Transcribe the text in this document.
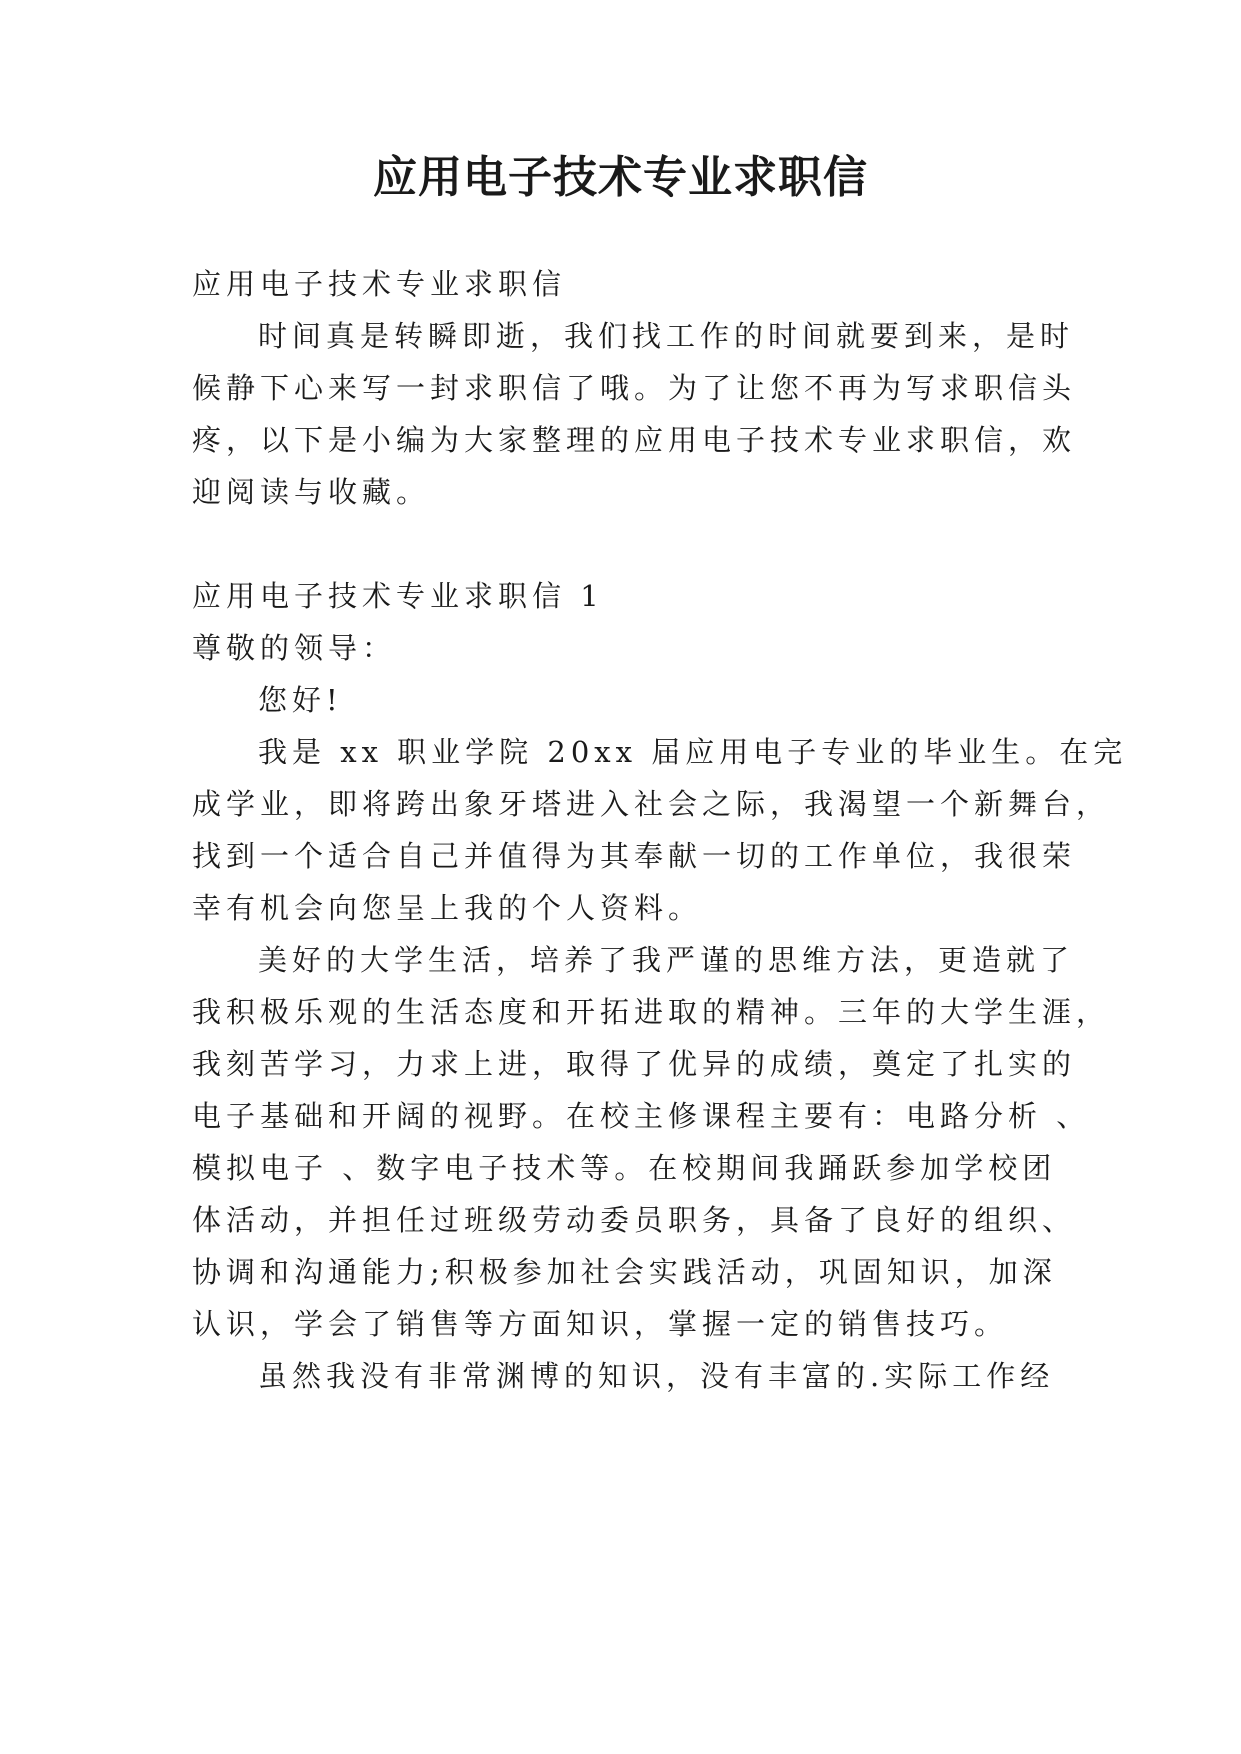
应用电子技术专业求职信

应用电子技术专业求职信

时间真是转瞬即逝，我们找工作的时间就要到来，是时

候静下心来写一封求职信了哦。为了让您不再为写求职信头

疼，以下是小编为大家整理的应用电子技术专业求职信，欢

迎阅读与收藏。

应用电子技术专业求职信 1

尊敬的领导：

您好!

我是 xx 职业学院 20xx 届应用电子专业的毕业生。在完

成学业，即将跨出象牙塔进入社会之际，我渴望一个新舞台，

找到一个适合自己并值得为其奉献一切的工作单位，我很荣

幸有机会向您呈上我的个人资料。

美好的大学生活，培养了我严谨的思维方法，更造就了

我积极乐观的生活态度和开拓进取的精神。三年的大学生涯，

我刻苦学习，力求上进，取得了优异的成绩，奠定了扎实的

电子基础和开阔的视野。在校主修课程主要有：电路分析 、

模拟电子 、数字电子技术等。在校期间我踊跃参加学校团

体活动，并担任过班级劳动委员职务，具备了良好的组织、

协调和沟通能力;积极参加社会实践活动，巩固知识，加深

认识，学会了销售等方面知识，掌握一定的销售技巧。

虽然我没有非常渊博的知识，没有丰富的.实际工作经
